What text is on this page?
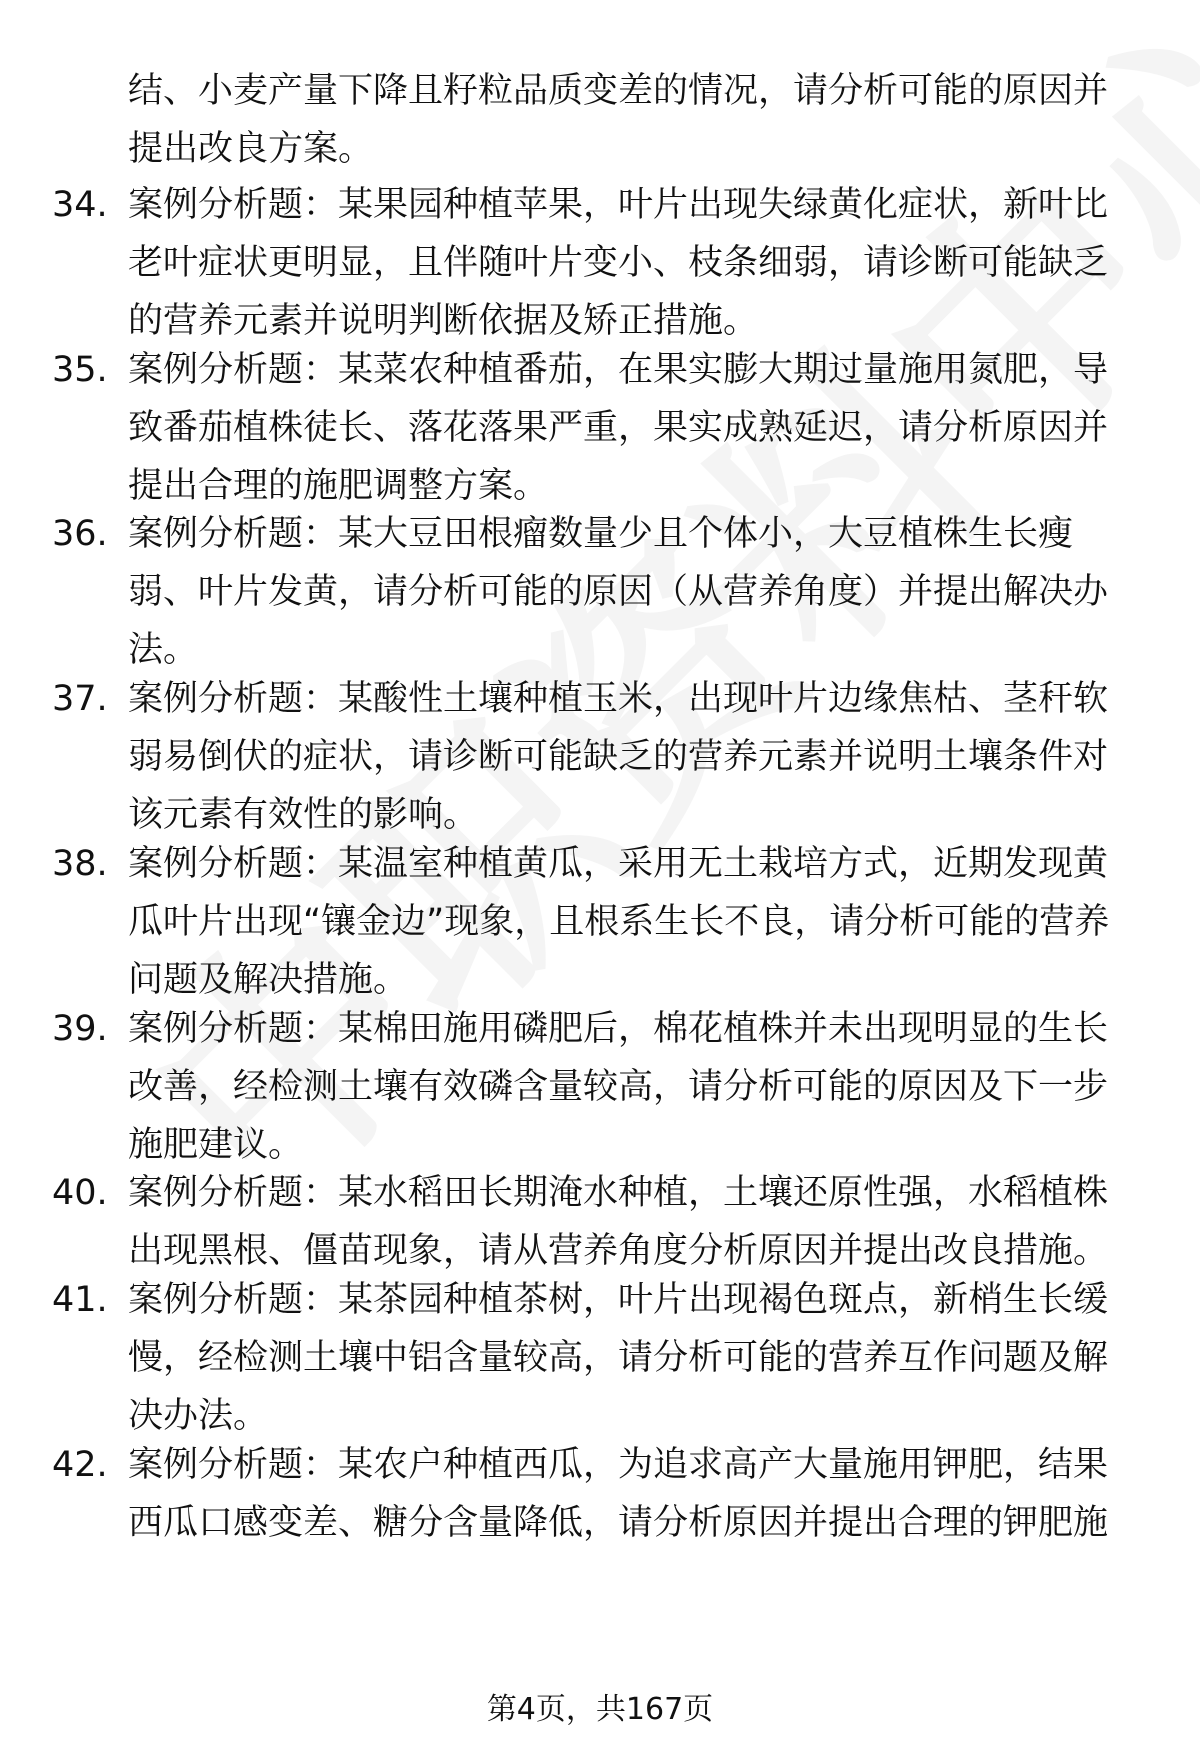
结、小麦产量下降且籽粒品质变差的情况，请分析可能的原因并提出改良方案。
34. 案例分析题：某果园种植苹果，叶片出现失绿黄化症状，新叶比老叶症状更明显，且伴随叶片变小、枝条细弱，请诊断可能缺乏的营养元素并说明判断依据及矫正措施。
35. 案例分析题：某菜农种植番茄，在果实膨大期过量施用氮肥，导致番茄植株徒长、落花落果严重，果实成熟延迟，请分析原因并提出合理的施肥调整方案。
36. 案例分析题：某大豆田根瘤数量少且个体小，大豆植株生长瘦弱、叶片发黄，请分析可能的原因（从营养角度）并提出解决办法。
37. 案例分析题：某酸性土壤种植玉米，出现叶片边缘焦枯、茎秆软弱易倒伏的症状，请诊断可能缺乏的营养元素并说明土壤条件对该元素有效性的影响。
38. 案例分析题：某温室种植黄瓜，采用无土栽培方式，近期发现黄瓜叶片出现“镶金边”现象，且根系生长不良，请分析可能的营养问题及解决措施。
39. 案例分析题：某棉田施用磷肥后，棉花植株并未出现明显的生长改善，经检测土壤有效磷含量较高，请分析可能的原因及下一步施肥建议。
40. 案例分析题：某水稻田长期淹水种植，土壤还原性强，水稻植株出现黑根、僵苗现象，请从营养角度分析原因并提出改良措施。
41. 案例分析题：某茶园种植茶树，叶片出现褐色斑点，新梢生长缓慢，经检测土壤中铝含量较高，请分析可能的营养互作问题及解决办法。
42. 案例分析题：某农户种植西瓜，为追求高产大量施用钾肥，结果西瓜口感变差、糖分含量降低，请分析原因并提出合理的钾肥施
第4页，共167页
